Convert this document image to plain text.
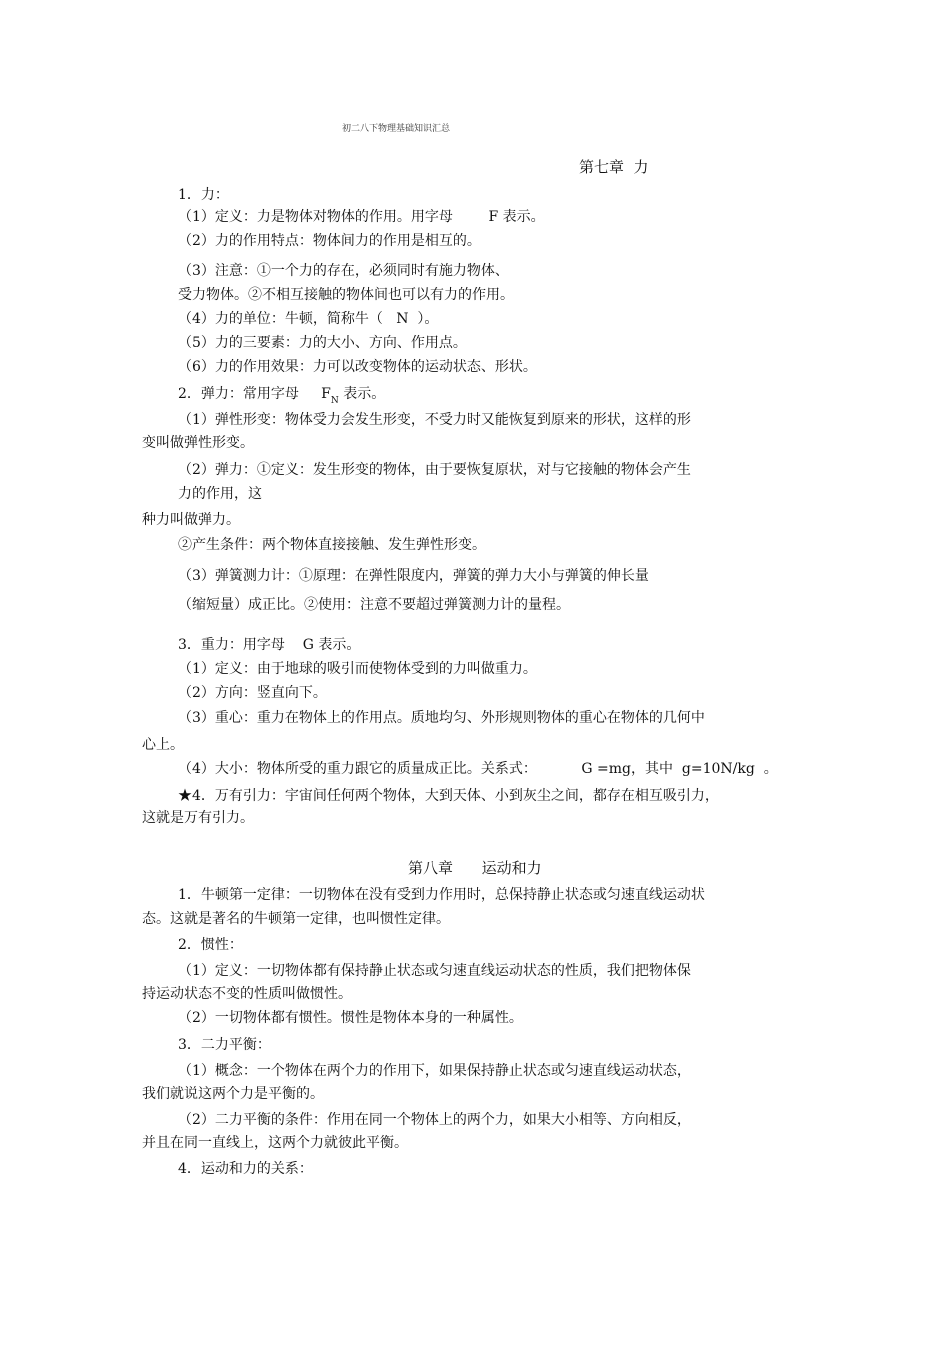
初二八下物理基础知识汇总
第七章  力
1．力：
（1）定义：力是物体对物体的作用。用字母        F 表示。
（2）力的作用特点：物体间力的作用是相互的。
（3）注意：①一个力的存在，必须同时有施力物体、
受力物体。②不相互接触的物体间也可以有力的作用。
（4）力的单位：牛顿，简称牛（   N  ）。
（5）力的三要素：力的大小、方向、作用点。
（6）力的作用效果：力可以改变物体的运动状态、形状。
2．弹力：常用字母     $F_N$ 表示。
（1）弹性形变：物体受力会发生形变，不受力时又能恢复到原来的形状，这样的形
变叫做弹性形变。
（2）弹力：①定义：发生形变的物体，由于要恢复原状，对与它接触的物体会产生
力的作用，这
种力叫做弹力。
②产生条件：两个物体直接接触、发生弹性形变。
（3）弹簧测力计：①原理：在弹性限度内，弹簧的弹力大小与弹簧的伸长量
（缩短量）成正比。②使用：注意不要超过弹簧测力计的量程。
3．重力：用字母    G 表示。
（1）定义：由于地球的吸引而使物体受到的力叫做重力。
（2）方向：竖直向下。
（3）重心：重力在物体上的作用点。质地均匀、外形规则物体的重心在物体的几何中
心上。
（4）大小：物体所受的重力跟它的质量成正比。关系式：          G =mg，其中  g=10N/kg  。
★4．万有引力：宇宙间任何两个物体，大到天体、小到灰尘之间，都存在相互吸引力，
这就是万有引力。
第八章      运动和力
1．牛顿第一定律：一切物体在没有受到力作用时，总保持静止状态或匀速直线运动状
态。这就是著名的牛顿第一定律，也叫惯性定律。
2．惯性：
（1）定义：一切物体都有保持静止状态或匀速直线运动状态的性质，我们把物体保
持运动状态不变的性质叫做惯性。
（2）一切物体都有惯性。惯性是物体本身的一种属性。
3．二力平衡：
（1）概念：一个物体在两个力的作用下，如果保持静止状态或匀速直线运动状态，
我们就说这两个力是平衡的。
（2）二力平衡的条件：作用在同一个物体上的两个力，如果大小相等、方向相反，
并且在同一直线上，这两个力就彼此平衡。
4．运动和力的关系：
